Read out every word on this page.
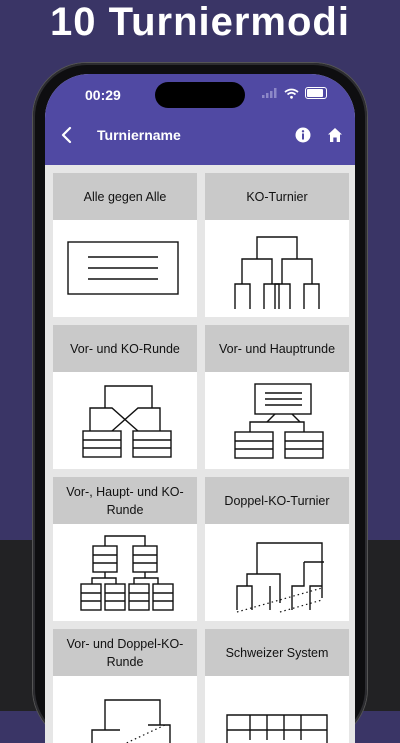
10 Turniermodi
00:29
Turniername
Alle gegen Alle	KO-Turnier
Vor- und KO-Runde	Vor- und Hauptrunde
Vor-, Haupt- und KO-Runde
Doppel-KO-Turnier
Vor- und Doppel-KO-Runde
Schweizer System
